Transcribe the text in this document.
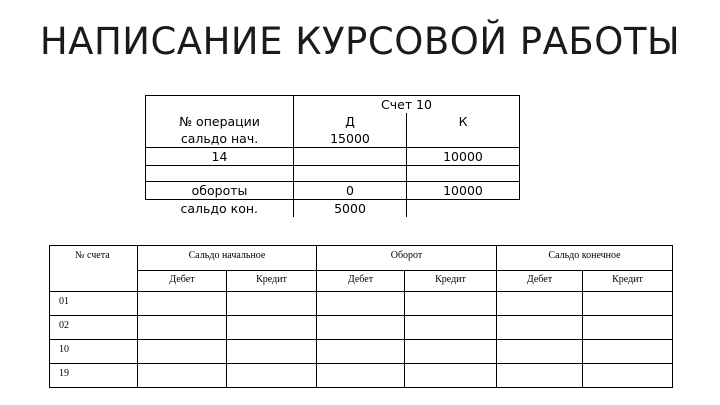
НАПИСАНИЕ КУРСОВОЙ РАБОТЫ
	Счет 10	
№ операции	Д	К
сальдо нач.	15000	
14		10000

обороты	0	10000
сальдо кон.	5000	
№ счета	Сальдо начальное		Оборот		Сальдо конечное	
	Дебет	Кредит	Дебет	Кредит	Дебет	Кредит
01						
02						
10						
19						
